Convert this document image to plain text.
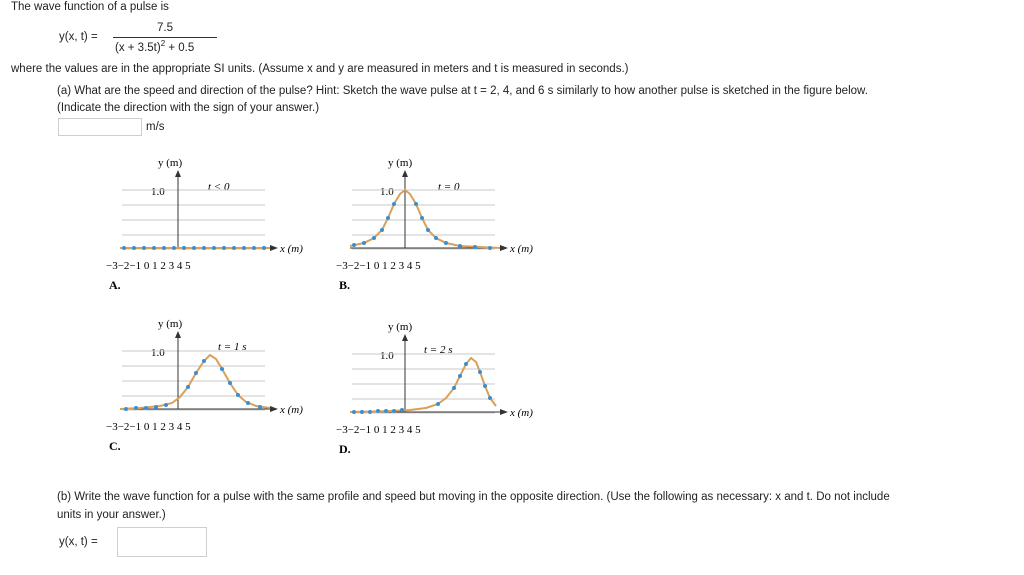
The wave function of a pulse is
y(x, t) =
7.5
$(x + 3.5t)^2 + 0.5$
where the values are in the appropriate SI units. (Assume x and y are measured in meters and t is measured in seconds.)
(a) What are the speed and direction of the pulse? Hint: Sketch the wave pulse at t = 2, 4, and 6 s similarly to how another pulse is sketched in the figure below.
(Indicate the direction with the sign of your answer.)
m/s
y (m)
1.0	t < 0
x (m)
−3−2−1 0 1 2 3 4 5
A.
y (m)
1.0	t = 0
x (m)
−3−2−1 0 1 2 3 4 5
B.
y (m)
1.0	t = 1 s
x (m)
−3−2−1 0 1 2 3 4 5
C.
y (m)
1.0	t = 2 s
x (m)
−3−2−1 0 1 2 3 4 5
D.
(b) Write the wave function for a pulse with the same profile and speed but moving in the opposite direction. (Use the following as necessary: x and t. Do not include
units in your answer.)
y(x, t) =
